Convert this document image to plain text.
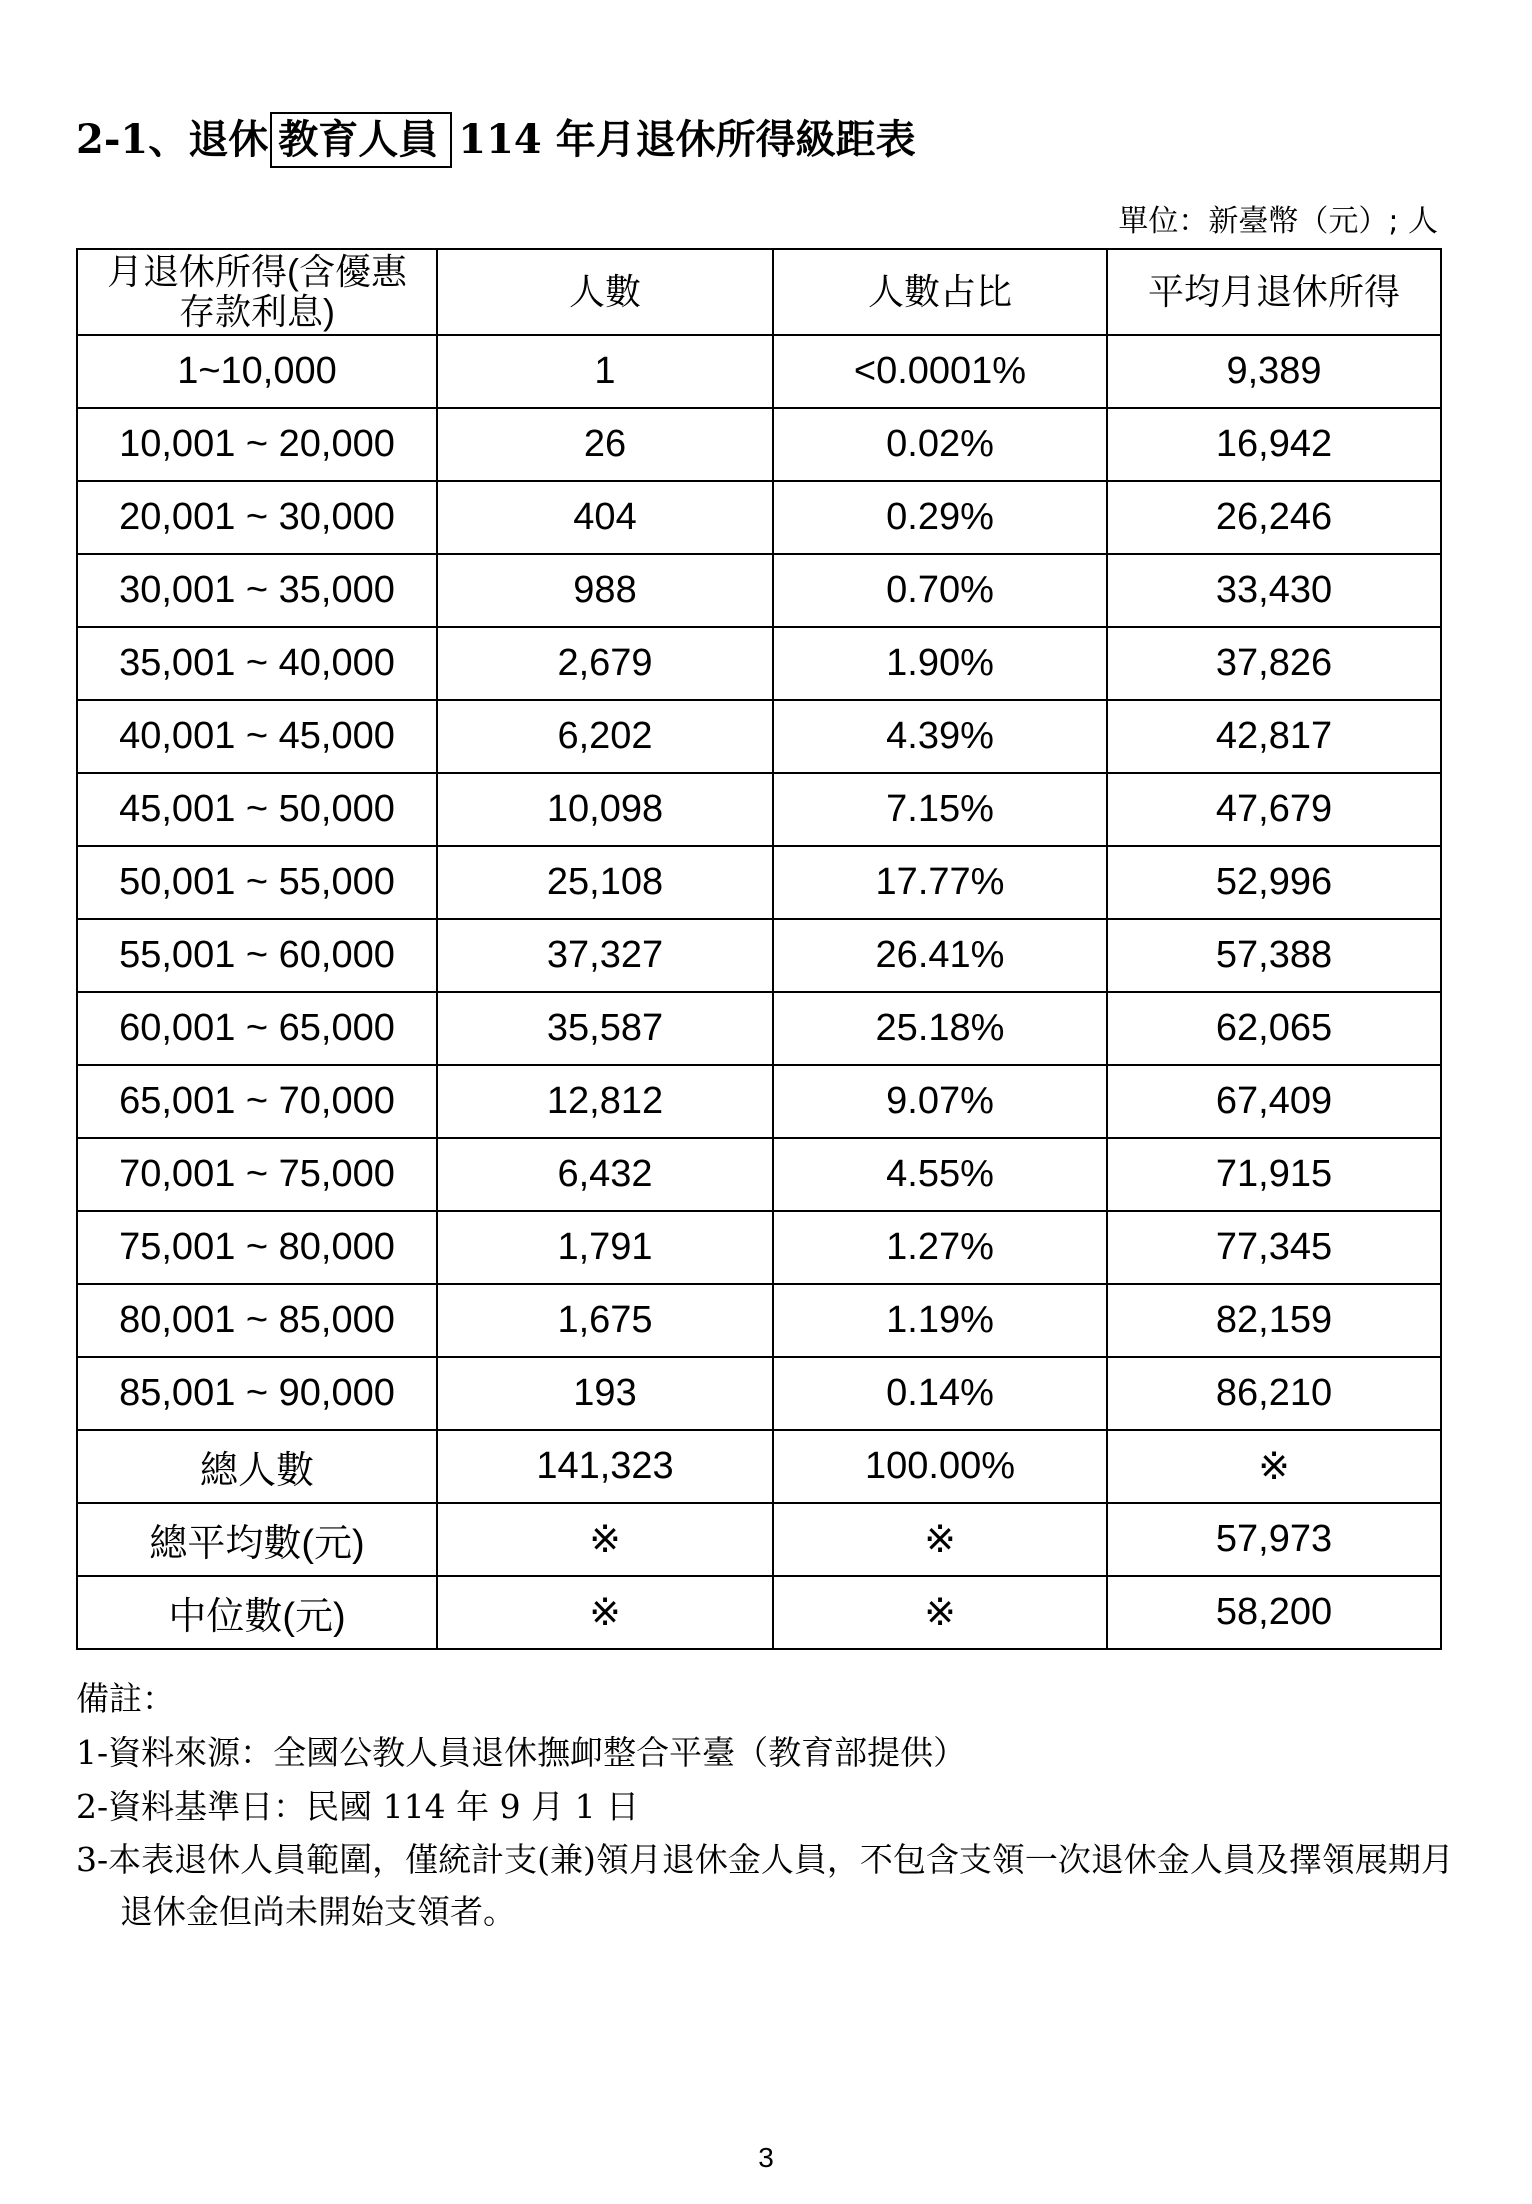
2-1、退休 教育人員 114 年月退休所得級距表
單位：新臺幣（元）; 人
月退休所得(含優惠存款利息)	人數	人數占比	平均月退休所得
1~10,000	1	<0.0001%	9,389
10,001 ~ 20,000	26	0.02%	16,942
20,001 ~ 30,000	404	0.29%	26,246
30,001 ~ 35,000	988	0.70%	33,430
35,001 ~ 40,000	2,679	1.90%	37,826
40,001 ~ 45,000	6,202	4.39%	42,817
45,001 ~ 50,000	10,098	7.15%	47,679
50,001 ~ 55,000	25,108	17.77%	52,996
55,001 ~ 60,000	37,327	26.41%	57,388
60,001 ~ 65,000	35,587	25.18%	62,065
65,001 ~ 70,000	12,812	9.07%	67,409
70,001 ~ 75,000	6,432	4.55%	71,915
75,001 ~ 80,000	1,791	1.27%	77,345
80,001 ~ 85,000	1,675	1.19%	82,159
85,001 ~ 90,000	193	0.14%	86,210
總人數	141,323	100.00%	※
總平均數(元)	※	※	57,973
中位數(元)	※	※	58,200
備註：
1-資料來源：全國公教人員退休撫卹整合平臺（教育部提供）
2-資料基準日：民國 114 年 9 月 1 日
3-本表退休人員範圍，僅統計支(兼)領月退休金人員，不包含支領一次退休金人員及擇領展期月退休金但尚未開始支領者。
3
